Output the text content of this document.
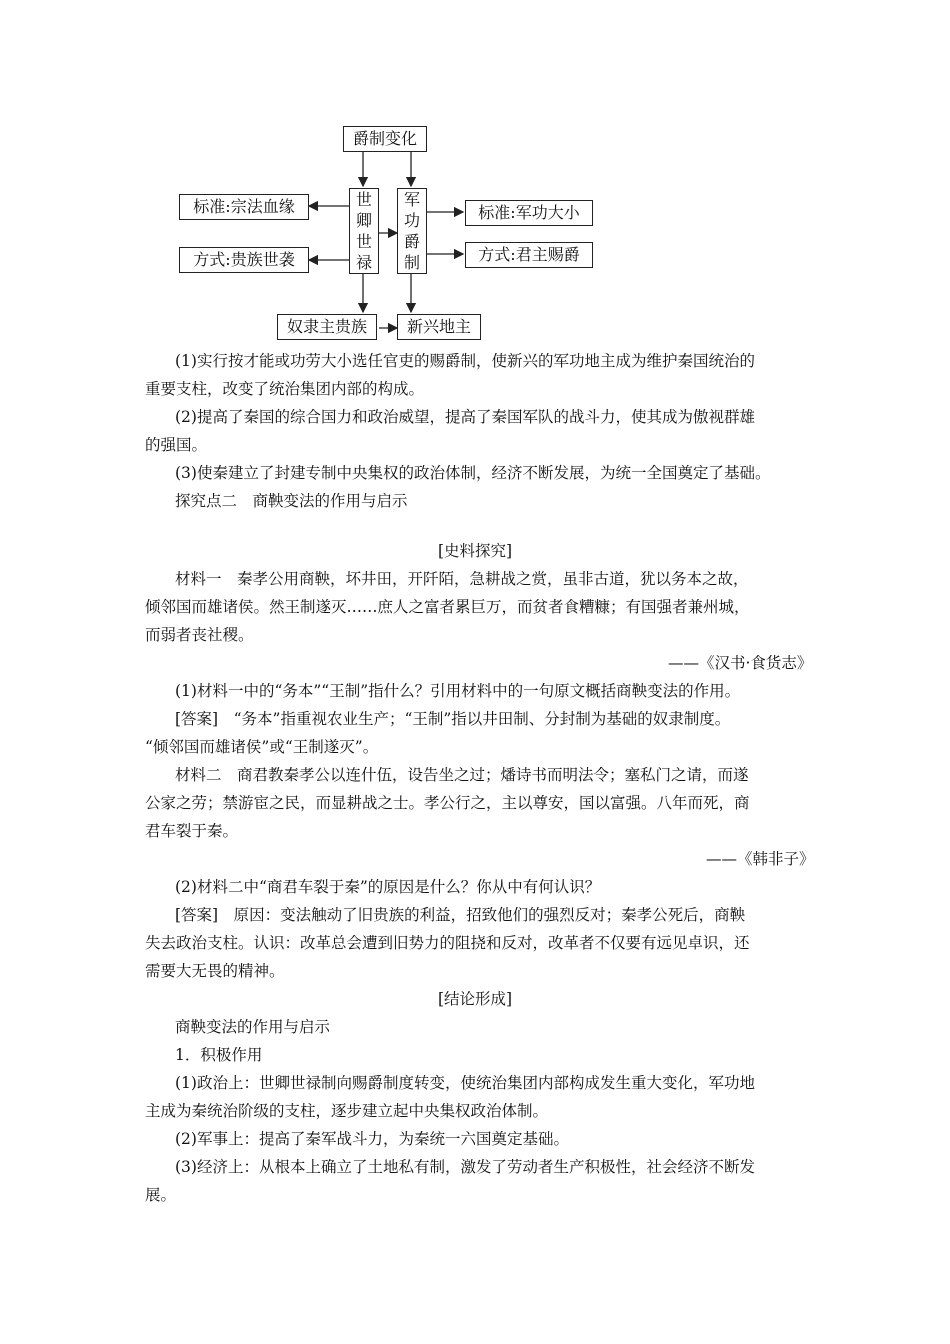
爵制变化
世
卿
世
禄
军
功
爵
制
标准:宗法血缘
方式:贵族世袭
标准:军功大小
方式:君主赐爵
奴隶主贵族 新兴地主
(1)实行按才能或功劳大小选任官吏的赐爵制，使新兴的军功地主成为维护秦国统治的
重要支柱，改变了统治集团内部的构成。
(2)提高了秦国的综合国力和政治威望，提高了秦国军队的战斗力，使其成为傲视群雄
的强国。
(3)使秦建立了封建专制中央集权的政治体制，经济不断发展，为统一全国奠定了基础。
探究点二　商鞅变法的作用与启示
[史料探究]
材料一　秦孝公用商鞅，坏井田，开阡陌，急耕战之赏，虽非古道，犹以务本之故，
倾邻国而雄诸侯。然王制遂灭……庶人之富者累巨万，而贫者食糟糠；有国强者兼州城，
而弱者丧社稷。
——《汉书·食货志》
(1)材料一中的“务本”“王制”指什么？引用材料中的一句原文概括商鞅变法的作用。
[答案]　“务本”指重视农业生产；“王制”指以井田制、分封制为基础的奴隶制度。
“倾邻国而雄诸侯”或“王制遂灭”。
材料二　商君教秦孝公以连什伍，设告坐之过；燔诗书而明法令；塞私门之请，而遂
公家之劳；禁游宦之民，而显耕战之士。孝公行之，主以尊安，国以富强。八年而死，商
君车裂于秦。
——《韩非子》
(2)材料二中“商君车裂于秦”的原因是什么？你从中有何认识？
[答案]　原因：变法触动了旧贵族的利益，招致他们的强烈反对；秦孝公死后，商鞅
失去政治支柱。认识：改革总会遭到旧势力的阻挠和反对，改革者不仅要有远见卓识，还
需要大无畏的精神。
[结论形成]
商鞅变法的作用与启示
1．积极作用
(1)政治上：世卿世禄制向赐爵制度转变，使统治集团内部构成发生重大变化，军功地
主成为秦统治阶级的支柱，逐步建立起中央集权政治体制。
(2)军事上：提高了秦军战斗力，为秦统一六国奠定基础。
(3)经济上：从根本上确立了土地私有制，激发了劳动者生产积极性，社会经济不断发
展。
